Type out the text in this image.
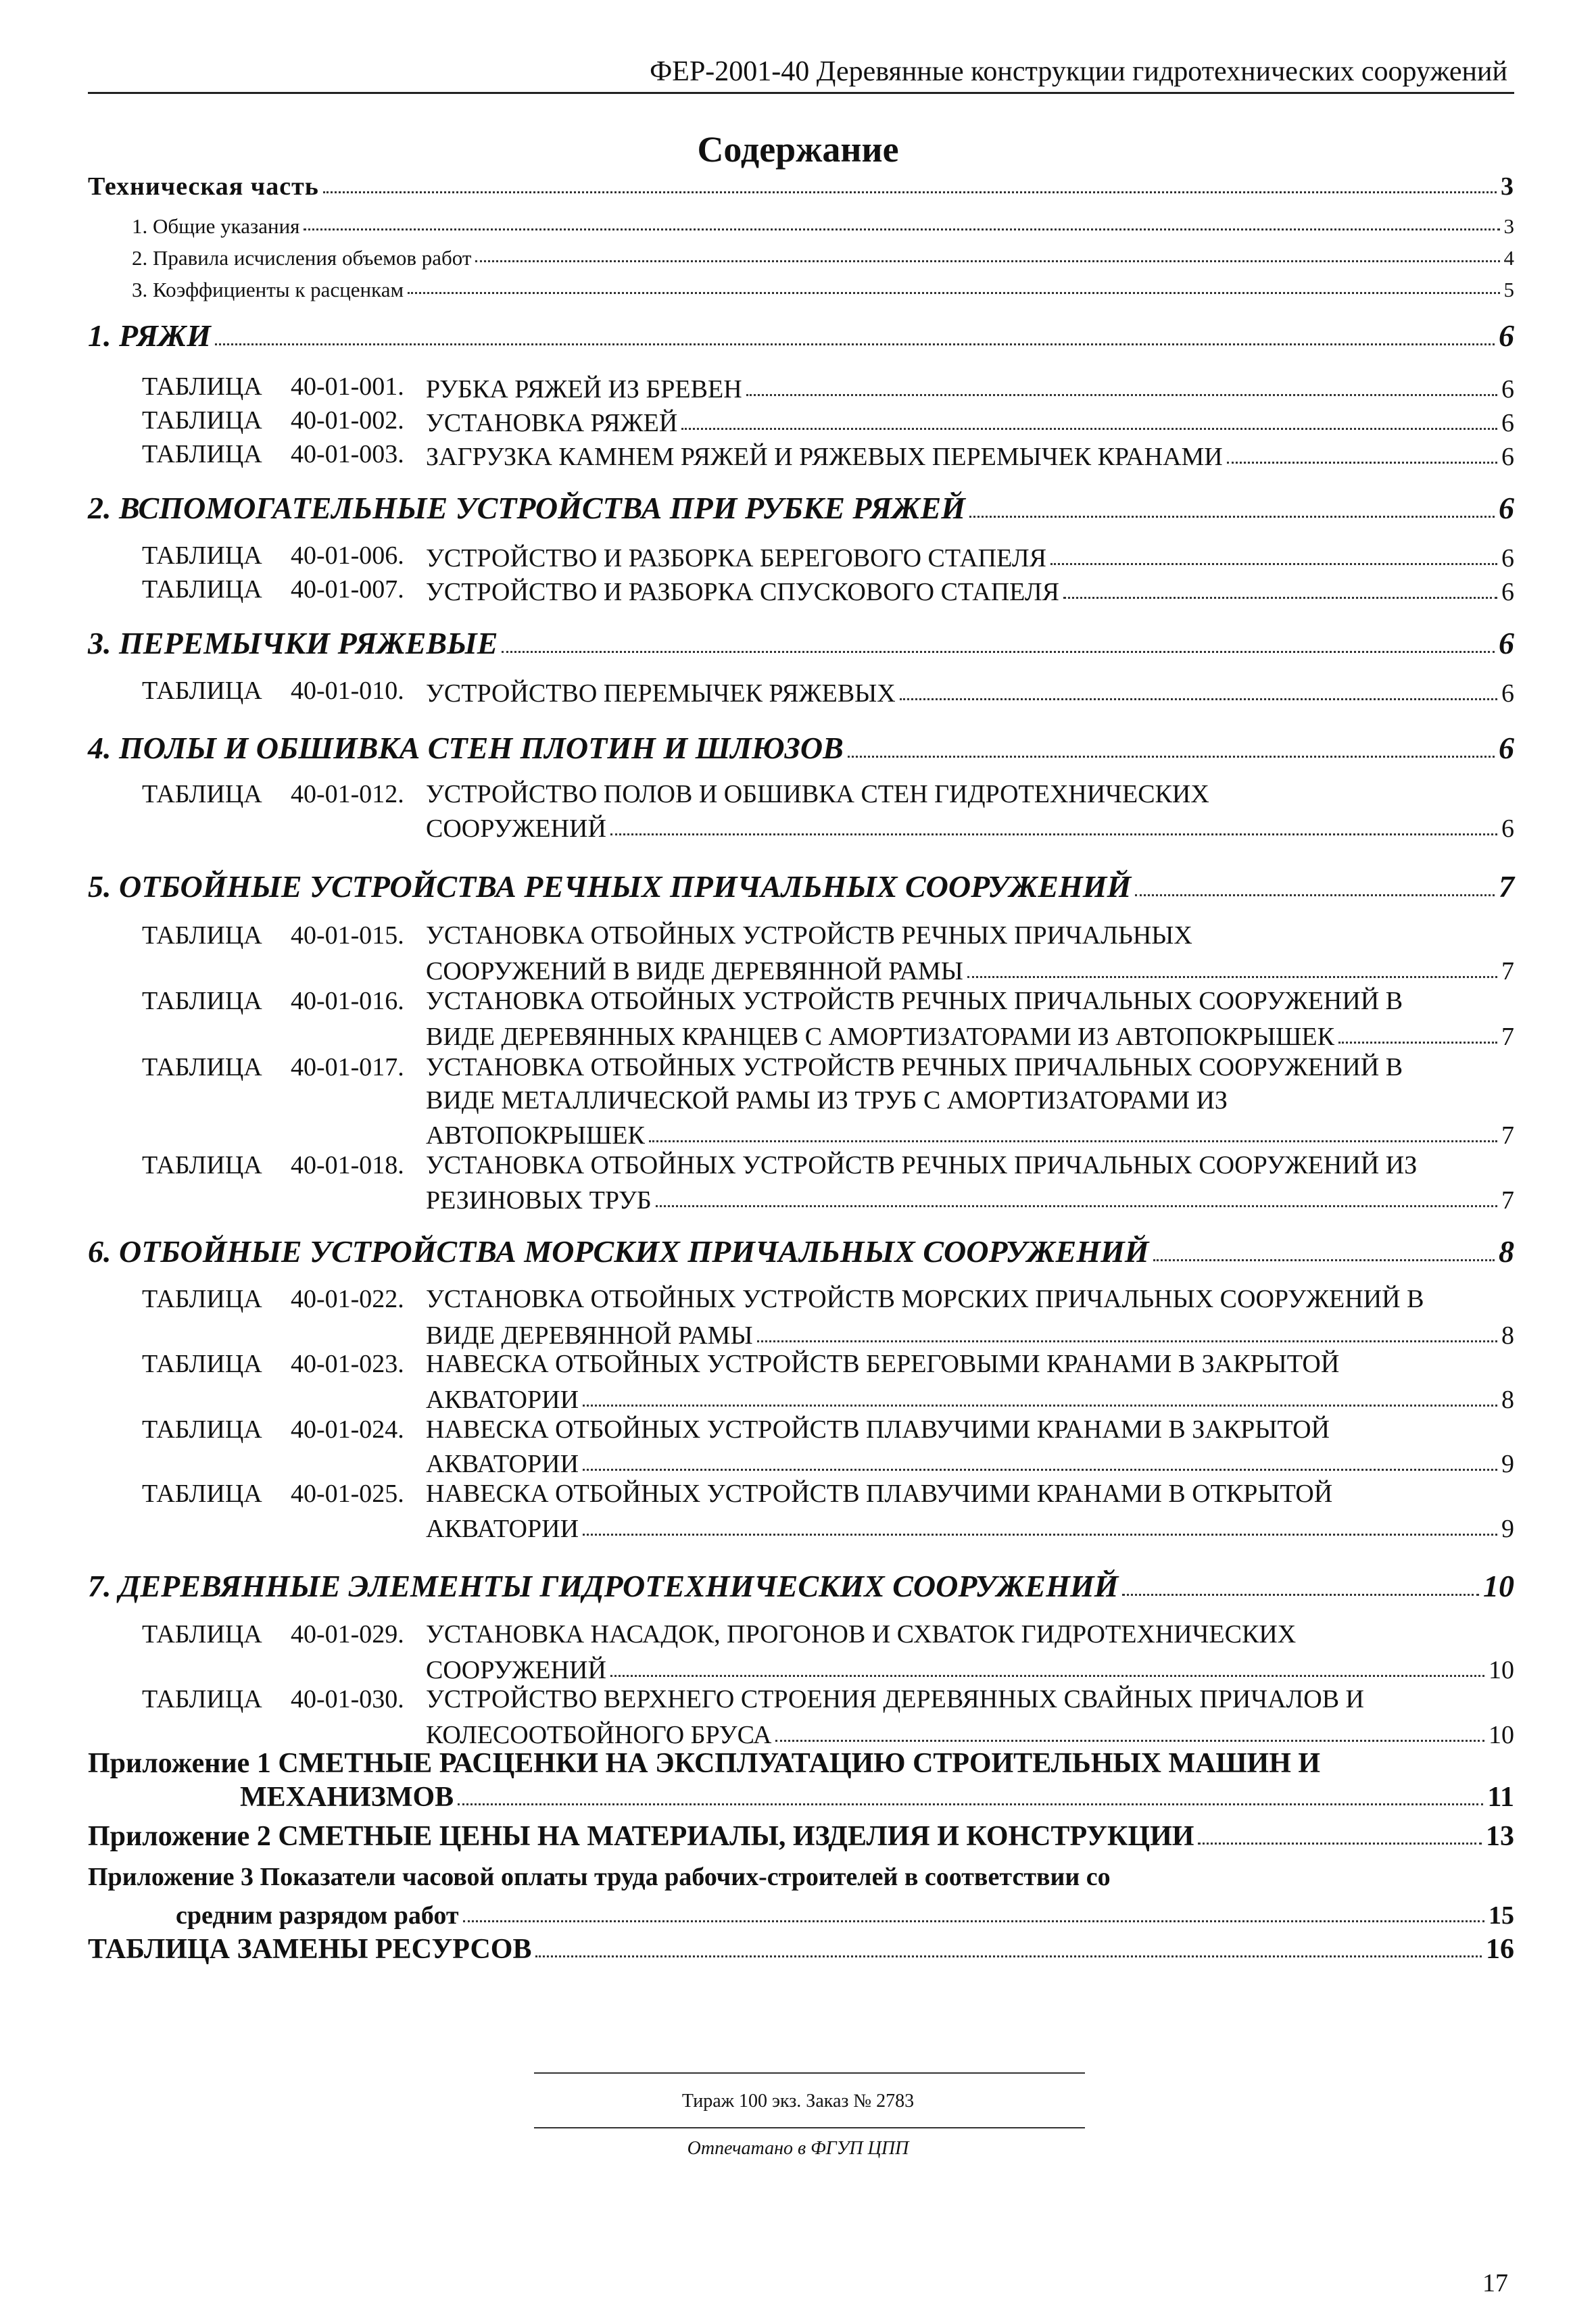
ФЕР-2001-40 Деревянные конструкции гидротехнических сооружений
Содержание
Техническая часть	3
1. Общие указания	3
2. Правила исчисления объемов работ	4
3. Коэффициенты к расценкам	5
1. РЯЖИ	6
ТАБЛИЦА 40-01-001. РУБКА РЯЖЕЙ ИЗ БРЕВЕН	6
ТАБЛИЦА 40-01-002. УСТАНОВКА РЯЖЕЙ	6
ТАБЛИЦА 40-01-003. ЗАГРУЗКА КАМНЕМ РЯЖЕЙ И РЯЖЕВЫХ ПЕРЕМЫЧЕК КРАНАМИ	6
2. ВСПОМОГАТЕЛЬНЫЕ УСТРОЙСТВА ПРИ РУБКЕ РЯЖЕЙ	6
ТАБЛИЦА 40-01-006. УСТРОЙСТВО И РАЗБОРКА БЕРЕГОВОГО СТАПЕЛЯ	6
ТАБЛИЦА 40-01-007. УСТРОЙСТВО И РАЗБОРКА СПУСКОВОГО СТАПЕЛЯ	6
3. ПЕРЕМЫЧКИ РЯЖЕВЫЕ	6
ТАБЛИЦА 40-01-010. УСТРОЙСТВО ПЕРЕМЫЧЕК РЯЖЕВЫХ	6
4. ПОЛЫ И ОБШИВКА СТЕН ПЛОТИН И ШЛЮЗОВ	6
ТАБЛИЦА 40-01-012. УСТРОЙСТВО ПОЛОВ И ОБШИВКА СТЕН ГИДРОТЕХНИЧЕСКИХ
СООРУЖЕНИЙ	6
5. ОТБОЙНЫЕ УСТРОЙСТВА РЕЧНЫХ ПРИЧАЛЬНЫХ СООРУЖЕНИЙ	7
ТАБЛИЦА 40-01-015. УСТАНОВКА ОТБОЙНЫХ УСТРОЙСТВ РЕЧНЫХ ПРИЧАЛЬНЫХ
СООРУЖЕНИЙ В ВИДЕ ДЕРЕВЯННОЙ РАМЫ	7
ТАБЛИЦА 40-01-016. УСТАНОВКА ОТБОЙНЫХ УСТРОЙСТВ РЕЧНЫХ ПРИЧАЛЬНЫХ СООРУЖЕНИЙ В
ВИДЕ ДЕРЕВЯННЫХ КРАНЦЕВ С АМОРТИЗАТОРАМИ ИЗ АВТОПОКРЫШЕК	7
ТАБЛИЦА 40-01-017. УСТАНОВКА ОТБОЙНЫХ УСТРОЙСТВ РЕЧНЫХ ПРИЧАЛЬНЫХ СООРУЖЕНИЙ В
ВИДЕ МЕТАЛЛИЧЕСКОЙ РАМЫ ИЗ ТРУБ С АМОРТИЗАТОРАМИ ИЗ
АВТОПОКРЫШЕК	7
ТАБЛИЦА 40-01-018. УСТАНОВКА ОТБОЙНЫХ УСТРОЙСТВ РЕЧНЫХ ПРИЧАЛЬНЫХ СООРУЖЕНИЙ ИЗ
РЕЗИНОВЫХ ТРУБ	7
6. ОТБОЙНЫЕ УСТРОЙСТВА МОРСКИХ ПРИЧАЛЬНЫХ СООРУЖЕНИЙ	8
ТАБЛИЦА 40-01-022. УСТАНОВКА ОТБОЙНЫХ УСТРОЙСТВ МОРСКИХ ПРИЧАЛЬНЫХ СООРУЖЕНИЙ В
ВИДЕ ДЕРЕВЯННОЙ РАМЫ	8
ТАБЛИЦА 40-01-023. НАВЕСКА ОТБОЙНЫХ УСТРОЙСТВ БЕРЕГОВЫМИ КРАНАМИ В ЗАКРЫТОЙ
АКВАТОРИИ	8
ТАБЛИЦА 40-01-024. НАВЕСКА ОТБОЙНЫХ УСТРОЙСТВ ПЛАВУЧИМИ КРАНАМИ В ЗАКРЫТОЙ
АКВАТОРИИ	9
ТАБЛИЦА 40-01-025. НАВЕСКА ОТБОЙНЫХ УСТРОЙСТВ ПЛАВУЧИМИ КРАНАМИ В ОТКРЫТОЙ
АКВАТОРИИ	9
7. ДЕРЕВЯННЫЕ ЭЛЕМЕНТЫ ГИДРОТЕХНИЧЕСКИХ СООРУЖЕНИЙ	10
ТАБЛИЦА 40-01-029. УСТАНОВКА НАСАДОК, ПРОГОНОВ И СХВАТОК ГИДРОТЕХНИЧЕСКИХ
СООРУЖЕНИЙ	10
ТАБЛИЦА 40-01-030. УСТРОЙСТВО ВЕРХНЕГО СТРОЕНИЯ ДЕРЕВЯННЫХ СВАЙНЫХ ПРИЧАЛОВ И
КОЛЕСООТБОЙНОГО БРУСА	10
Приложение 1 СМЕТНЫЕ РАСЦЕНКИ НА ЭКСПЛУАТАЦИЮ СТРОИТЕЛЬНЫХ МАШИН И
МЕХАНИЗМОВ	11
Приложение 2 СМЕТНЫЕ ЦЕНЫ НА МАТЕРИАЛЫ, ИЗДЕЛИЯ И КОНСТРУКЦИИ	13
Приложение 3 Показатели часовой оплаты труда рабочих-строителей в соответствии со
средним разрядом работ	15
ТАБЛИЦА ЗАМЕНЫ РЕСУРСОВ	16
Тираж 100 экз. Заказ № 2783
Отпечатано в ФГУП ЦПП
17
